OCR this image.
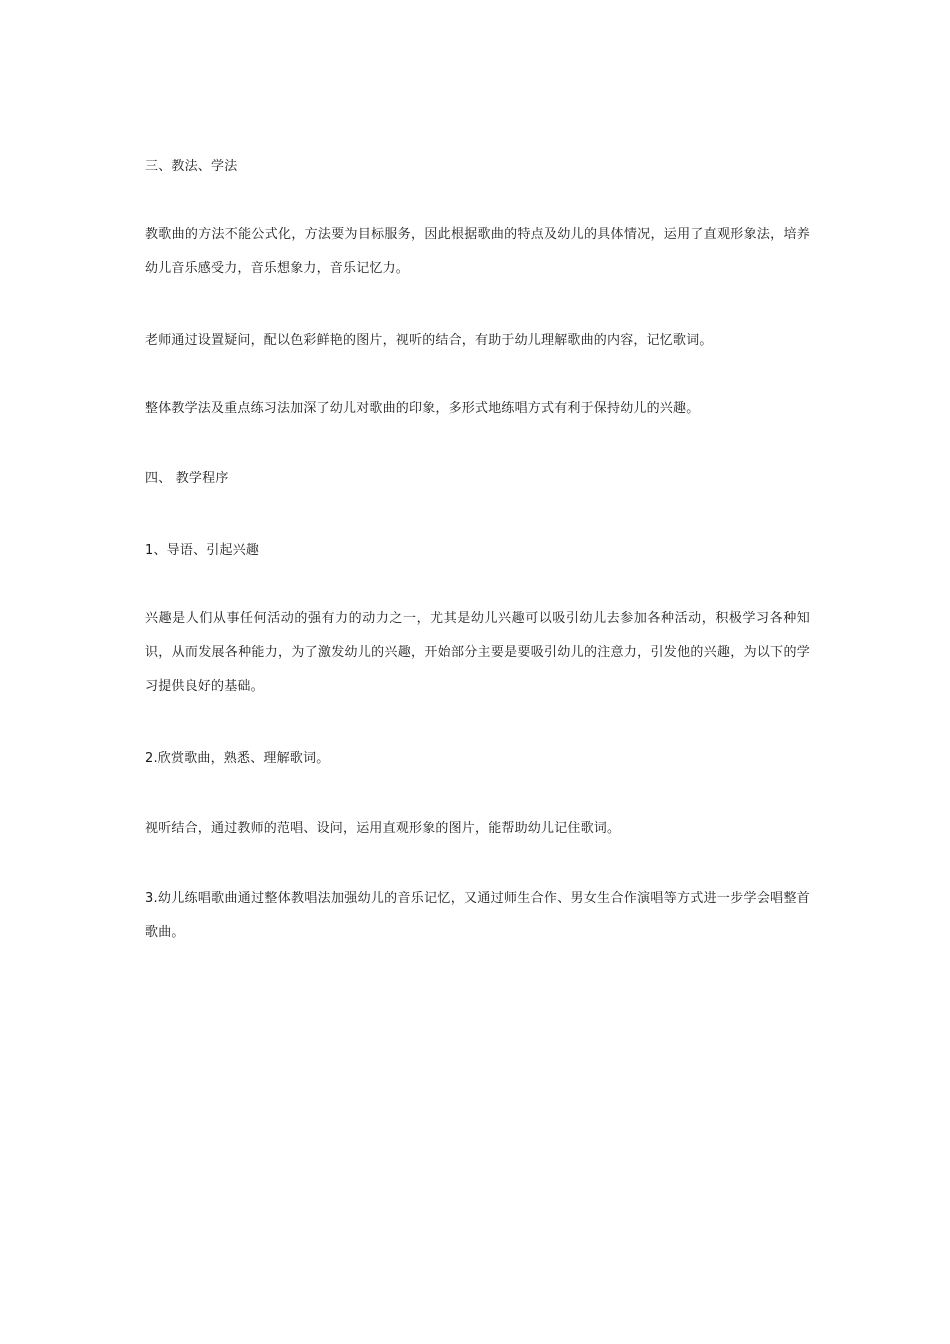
三、教法、学法
教歌曲的方法不能公式化，方法要为目标服务，因此根据歌曲的特点及幼儿的具体情况，运用了直观形象法，培养幼儿音乐感受力，音乐想象力，音乐记忆力。
老师通过设置疑问，配以色彩鲜艳的图片，视听的结合，有助于幼儿理解歌曲的内容，记忆歌词。
整体教学法及重点练习法加深了幼儿对歌曲的印象，多形式地练唱方式有利于保持幼儿的兴趣。
四、 教学程序
1、导语、引起兴趣
兴趣是人们从事任何活动的强有力的动力之一，尤其是幼儿兴趣可以吸引幼儿去参加各种活动，积极学习各种知识，从而发展各种能力，为了激发幼儿的兴趣，开始部分主要是要吸引幼儿的注意力，引发他的兴趣，为以下的学习提供良好的基础。
2.欣赏歌曲，熟悉、理解歌词。
视听结合，通过教师的范唱、设问，运用直观形象的图片，能帮助幼儿记住歌词。
3.幼儿练唱歌曲通过整体教唱法加强幼儿的音乐记忆，又通过师生合作、男女生合作演唱等方式进一步学会唱整首歌曲。
